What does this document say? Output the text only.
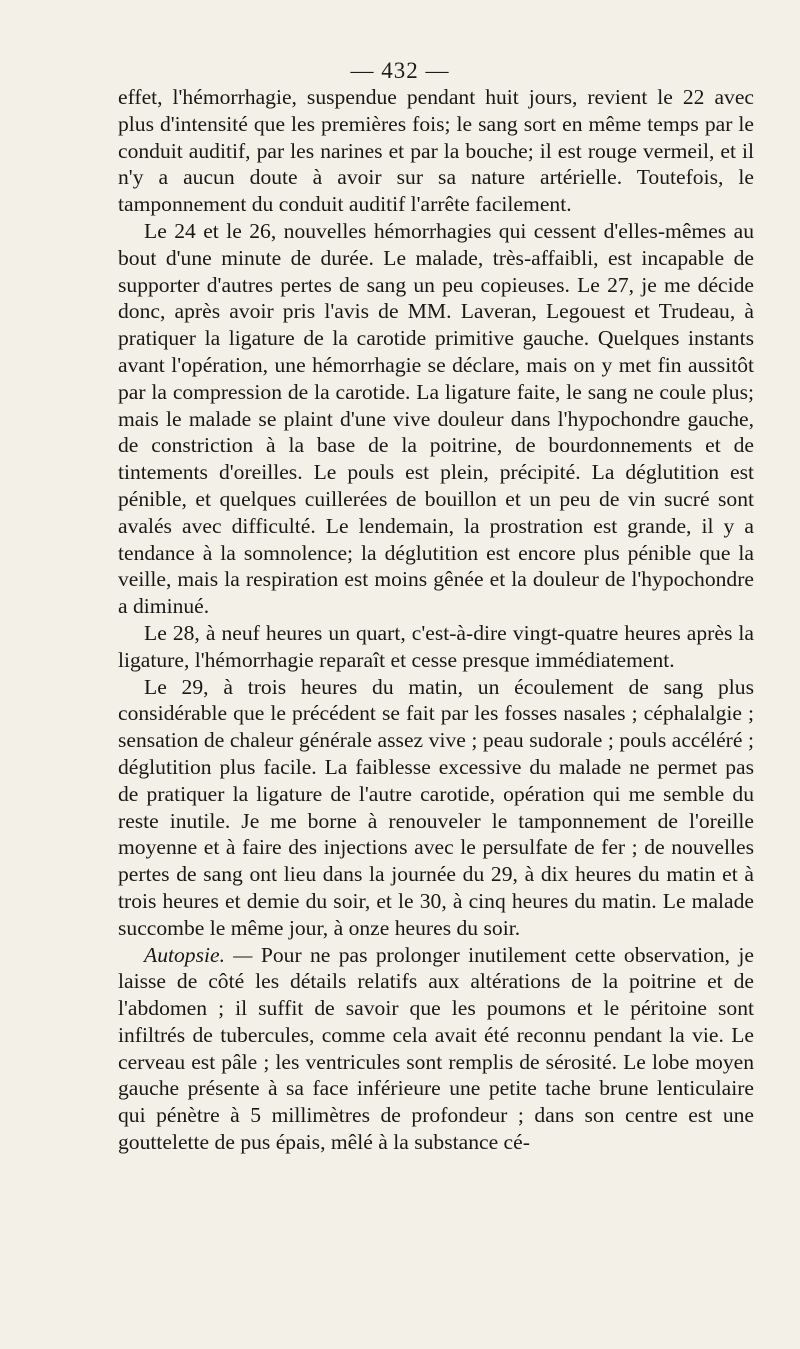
— 432 —

effet, l'hémorrhagie, suspendue pendant huit jours, revient le 22 avec plus d'intensité que les premières fois; le sang sort en même temps par le conduit auditif, par les narines et par la bouche; il est rouge vermeil, et il n'y a aucun doute à avoir sur sa nature artérielle. Toutefois, le tamponnement du conduit auditif l'arrête facilement.

Le 24 et le 26, nouvelles hémorrhagies qui cessent d'elles-mêmes au bout d'une minute de durée. Le malade, très-affaibli, est incapable de supporter d'autres pertes de sang un peu copieuses. Le 27, je me décide donc, après avoir pris l'avis de MM. Laveran, Legouest et Trudeau, à pratiquer la ligature de la carotide primitive gauche. Quelques instants avant l'opération, une hémorrhagie se déclare, mais on y met fin aussitôt par la compression de la carotide. La ligature faite, le sang ne coule plus; mais le malade se plaint d'une vive douleur dans l'hypochondre gauche, de constriction à la base de la poitrine, de bourdonnements et de tintements d'oreilles. Le pouls est plein, précipité. La déglutition est pénible, et quelques cuillerées de bouillon et un peu de vin sucré sont avalés avec difficulté. Le lendemain, la prostration est grande, il y a tendance à la somnolence; la déglutition est encore plus pénible que la veille, mais la respiration est moins gênée et la douleur de l'hypochondre a diminué.

Le 28, à neuf heures un quart, c'est-à-dire vingt-quatre heures après la ligature, l'hémorrhagie reparaît et cesse presque immédiatement.

Le 29, à trois heures du matin, un écoulement de sang plus considérable que le précédent se fait par les fosses nasales ; céphalalgie ; sensation de chaleur générale assez vive ; peau sudorale ; pouls accéléré ; déglutition plus facile. La faiblesse excessive du malade ne permet pas de pratiquer la ligature de l'autre carotide, opération qui me semble du reste inutile. Je me borne à renouveler le tamponnement de l'oreille moyenne et à faire des injections avec le persulfate de fer ; de nouvelles pertes de sang ont lieu dans la journée du 29, à dix heures du matin et à trois heures et demie du soir, et le 30, à cinq heures du matin. Le malade succombe le même jour, à onze heures du soir.

Autopsie. — Pour ne pas prolonger inutilement cette observation, je laisse de côté les détails relatifs aux altérations de la poitrine et de l'abdomen ; il suffit de savoir que les poumons et le péritoine sont infiltrés de tubercules, comme cela avait été reconnu pendant la vie. Le cerveau est pâle ; les ventricules sont remplis de sérosité. Le lobe moyen gauche présente à sa face inférieure une petite tache brune lenticulaire qui pénètre à 5 millimètres de profondeur ; dans son centre est une gouttelette de pus épais, mêlé à la substance cé-
